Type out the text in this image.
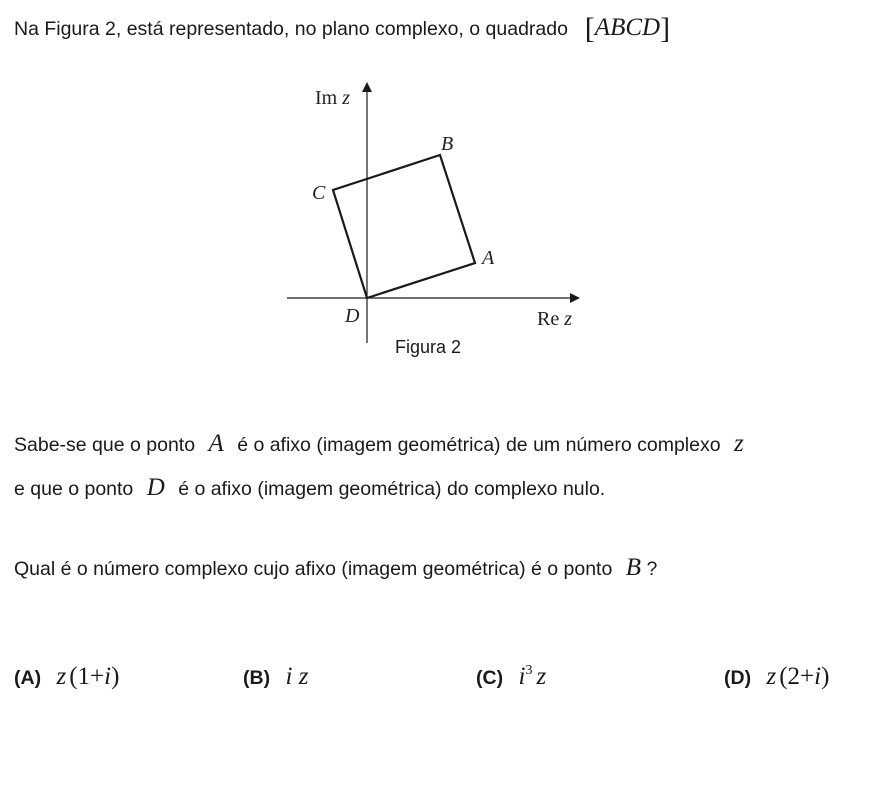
Na Figura 2, está representado, no plano complexo, o quadrado [ABCD]
Im z
Re z
B
C
A
D
Figura 2
Sabe-se que o ponto A é o afixo (imagem geométrica) de um número complexo z
e que o ponto D é o afixo (imagem geométrica) do complexo nulo.
Qual é o número complexo cujo afixo (imagem geométrica) é o ponto B ?
(A) z (1+i)	(B) i z	(C) $i^3$ z	(D) z (2+i)
